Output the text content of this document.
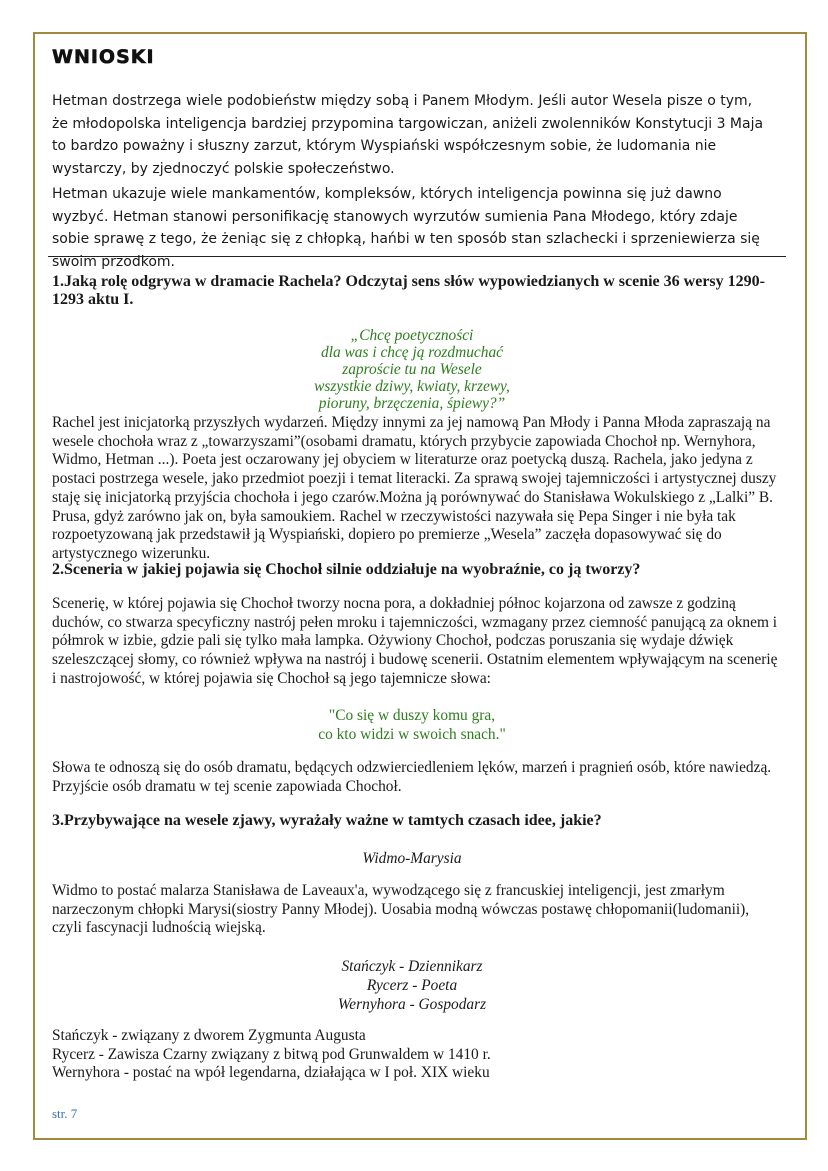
WNIOSKI

Hetman dostrzega wiele podobieństw między sobą i Panem Młodym. Jeśli autor Wesela pisze o tym, że młodopolska inteligencja bardziej przypomina targowiczan, aniżeli zwolenników Konstytucji 3 Maja to bardzo poważny i słuszny zarzut, którym Wyspiański współczesnym sobie, że ludomania nie wystarczy, by zjednoczyć polskie społeczeństwo.

Hetman ukazuje wiele mankamentów, kompleksów, których inteligencja powinna się już dawno wyzbyć. Hetman stanowi personifikację stanowych wyrzutów sumienia Pana Młodego, który zdaje sobie sprawę z tego, że żeniąc się z chłopką, hańbi w ten sposób stan szlachecki i sprzeniewierza się swoim przodkom.

1.Jaką rolę odgrywa w dramacie Rachela? Odczytaj sens słów wypowiedzianych w scenie 36 wersy 1290-1293 aktu I.

„Chcę poetyczności
dla was i chcę ją rozdmuchać
zaproście tu na Wesele
wszystkie dziwy, kwiaty, krzewy,
pioruny, brzęczenia, śpiewy?”

Rachel jest inicjatorką przyszłych wydarzeń. Między innymi za jej namową Pan Młody i Panna Młoda zapraszają na wesele chochoła wraz z „towarzyszami”(osobami dramatu, których przybycie zapowiada Chochoł np. Wernyhora, Widmo, Hetman ...). Poeta jest oczarowany jej obyciem w literaturze oraz poetycką duszą. Rachela, jako jedyna z postaci postrzega wesele, jako przedmiot poezji i temat literacki. Za sprawą swojej tajemniczości i artystycznej duszy staję się inicjatorką przyjścia chochoła i jego czarów.Można ją porównywać do Stanisława Wokulskiego z „Lalki” B. Prusa, gdyż zarówno jak on, była samoukiem. Rachel w rzeczywistości nazywała się Pepa Singer i nie była tak rozpoetyzowaną jak przedstawił ją Wyspiański, dopiero po premierze „Wesela” zaczęła dopasowywać się do artystycznego wizerunku.

2.Sceneria w jakiej pojawia się Chochoł silnie oddziałuje na wyobraźnie, co ją tworzy?

Scenerię, w której pojawia się Chochoł tworzy nocna pora, a dokładniej północ kojarzona od zawsze z godziną duchów, co stwarza specyficzny nastrój pełen mroku i tajemniczości, wzmagany przez ciemność panującą za oknem i półmrok w izbie, gdzie pali się tylko mała lampka. Ożywiony Chochoł, podczas poruszania się wydaje dźwięk szeleszczącej słomy, co również wpływa na nastrój i budowę scenerii. Ostatnim elementem wpływającym na scenerię i nastrojowość, w której pojawia się Chochoł są jego tajemnicze słowa:

"Co się w duszy komu gra,
co kto widzi w swoich snach."

Słowa te odnoszą się do osób dramatu, będących odzwierciedleniem lęków, marzeń i pragnień osób, które nawiedzą. Przyjście osób dramatu w tej scenie zapowiada Chochoł.

3.Przybywające na wesele zjawy, wyrażały ważne w tamtych czasach idee, jakie?

Widmo-Marysia

Widmo to postać malarza Stanisława de Laveaux'a, wywodzącego się z francuskiej inteligencji, jest zmarłym narzeczonym chłopki Marysi(siostry Panny Młodej). Uosabia modną wówczas postawę chłopomanii(ludomanii), czyli fascynacji ludnością wiejską.

Stańczyk - Dziennikarz
Rycerz - Poeta
Wernyhora - Gospodarz
Stańczyk - związany z dworem Zygmunta Augusta
Rycerz - Zawisza Czarny związany z bitwą pod Grunwaldem w 1410 r.
Wernyhora - postać na wpół legendarna, działająca w I poł. XIX wieku

str. 7
